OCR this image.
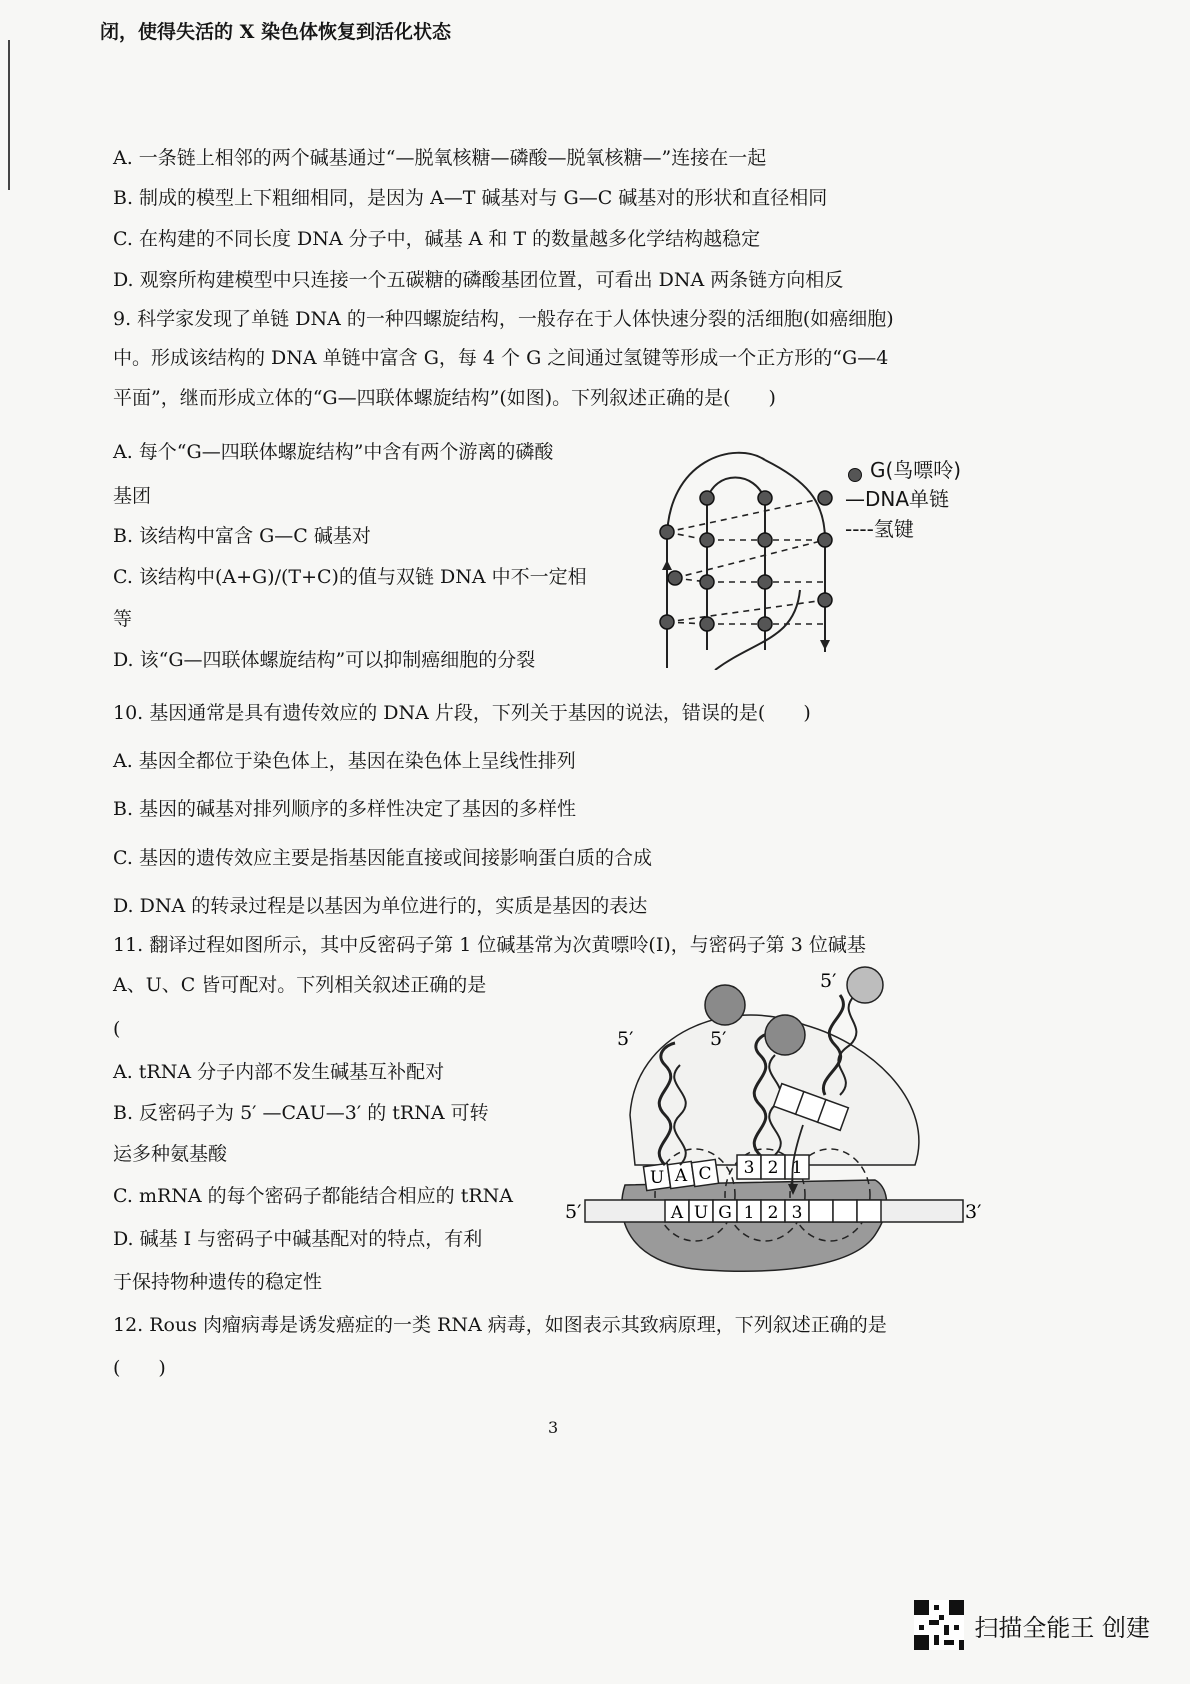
闭，使得失活的 X 染色体恢复到活化状态
A. 一条链上相邻的两个碱基通过“—脱氧核糖—磷酸—脱氧核糖—”连接在一起
B. 制成的模型上下粗细相同，是因为 A—T 碱基对与 G—C 碱基对的形状和直径相同
C. 在构建的不同长度 DNA 分子中，碱基 A 和 T 的数量越多化学结构越稳定
D. 观察所构建模型中只连接一个五碳糖的磷酸基团位置，可看出 DNA 两条链方向相反
9. 科学家发现了单链 DNA 的一种四螺旋结构，一般存在于人体快速分裂的活细胞(如癌细胞)
中。形成该结构的 DNA 单链中富含 G，每 4 个 G 之间通过氢键等形成一个正方形的“G—4
平面”，继而形成立体的“G—四联体螺旋结构”(如图)。下列叙述正确的是(　　)
A. 每个“G—四联体螺旋结构”中含有两个游离的磷酸
基团
B. 该结构中富含 G—C 碱基对
C. 该结构中(A+G)/(T+C)的值与双链 DNA 中不一定相
等
D. 该“G—四联体螺旋结构”可以抑制癌细胞的分裂
G(鸟嘌呤)
—DNA单链
----氢键
10. 基因通常是具有遗传效应的 DNA 片段，下列关于基因的说法，错误的是(　　)
A. 基因全都位于染色体上，基因在染色体上呈线性排列
B. 基因的碱基对排列顺序的多样性决定了基因的多样性
C. 基因的遗传效应主要是指基因能直接或间接影响蛋白质的合成
D. DNA 的转录过程是以基因为单位进行的，实质是基因的表达
11. 翻译过程如图所示，其中反密码子第 1 位碱基常为次黄嘌呤(I)，与密码子第 3 位碱基
A、U、C 皆可配对。下列相关叙述正确的是
(
A. tRNA 分子内部不发生碱基互补配对
B. 反密码子为 5′ —CAU—3′ 的 tRNA 可转
运多种氨基酸
C. mRNA 的每个密码子都能结合相应的 tRNA
D. 碱基 I 与密码子中碱基配对的特点，有利
于保持物种遗传的稳定性
A U G 1 2 3
5′	3′
U A C
5′
3 2 1
5′
5′
12. Rous 肉瘤病毒是诱发癌症的一类 RNA 病毒，如图表示其致病原理，下列叙述正确的是
(　　)
3
扫描全能王 创建
